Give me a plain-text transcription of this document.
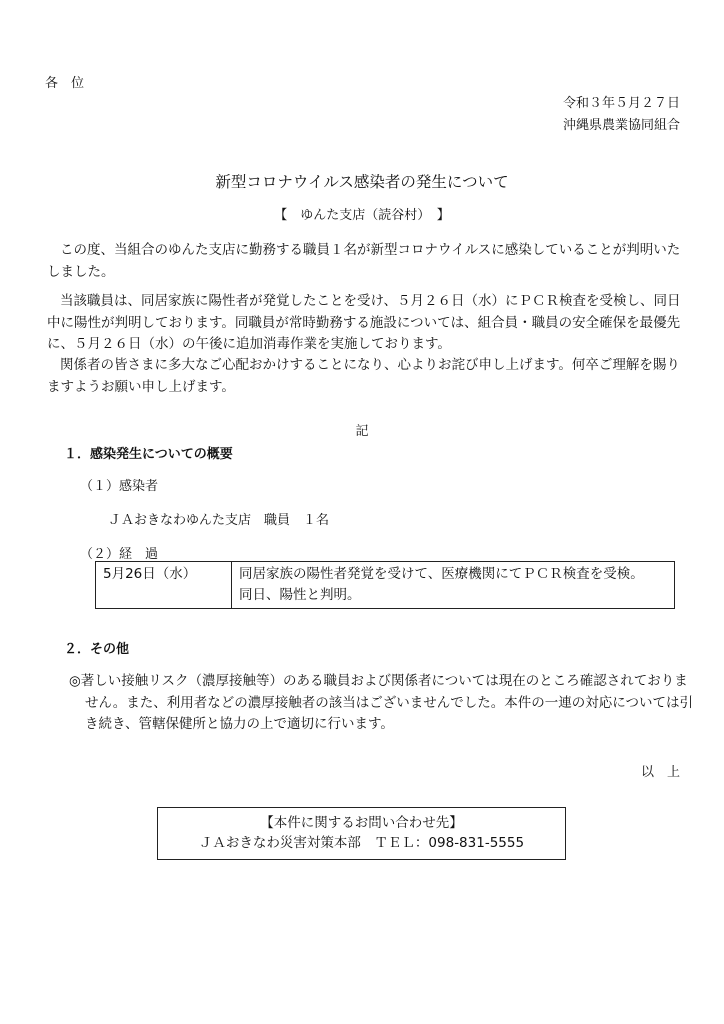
各　位
令和３年５月２７日
沖縄県農業協同組合
新型コロナウイルス感染者の発生について
【　ゆんた支店（読谷村）　】
この度、当組合のゆんた支店に勤務する職員１名が新型コロナウイルスに感染していることが判明いたしました。
当該職員は、同居家族に陽性者が発覚したことを受け、５月２６日（水）にＰＣＲ検査を受検し、同日中に陽性が判明しております。同職員が常時勤務する施設については、組合員・職員の安全確保を最優先に、５月２６日（水）の午後に追加消毒作業を実施しております。
関係者の皆さまに多大なご心配おかけすることになり、心よりお詫び申し上げます。何卒ご理解を賜りますようお願い申し上げます。
記
１．感染発生についての概要
（１）感染者
ＪＡおきなわゆんた支店　職員　１名
（２）経　過
5月26日（水）	同居家族の陽性者発覚を受けて、医療機関にてＰＣＲ検査を受検。
同日、陽性と判明。
２．その他
◎著しい接触リスク（濃厚接触等）のある職員および関係者については現在のところ確認されておりません。また、利用者などの濃厚接触者の該当はございませんでした。本件の一連の対応については引き続き、管轄保健所と協力の上で適切に行います。
以　上
【本件に関するお問い合わせ先】
ＪＡおきなわ災害対策本部　ＴＥＬ：098-831-5555
